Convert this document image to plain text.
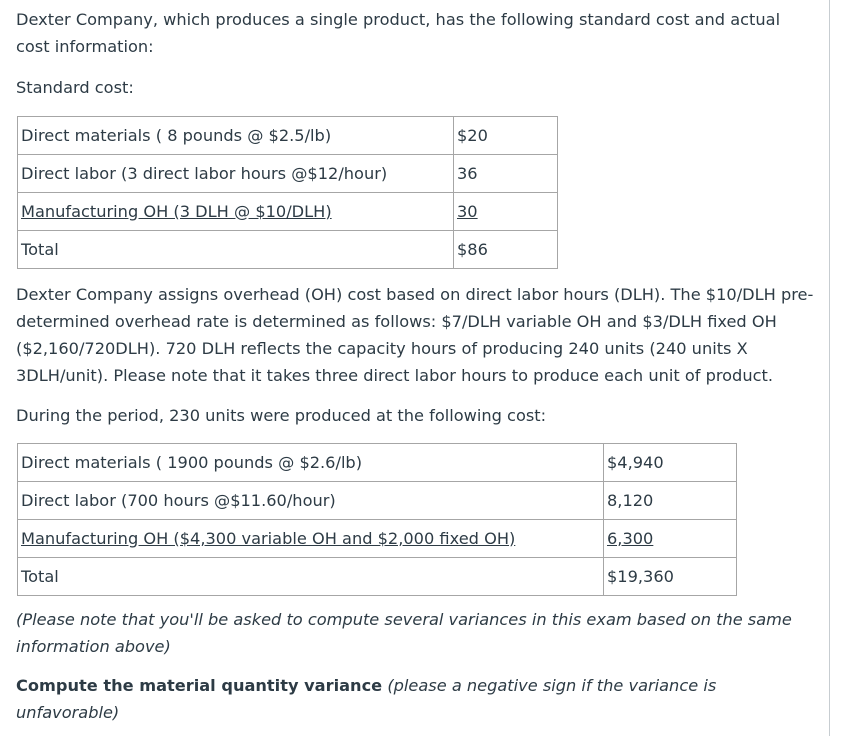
Dexter Company, which produces a single product, has the following standard cost and actual cost information:

Standard cost:

Direct materials ( 8 pounds @ $2.5/lb)	$20
Direct labor (3 direct labor hours @$12/hour)	36
Manufacturing OH (3 DLH @ $10/DLH)	30
Total	$86

Dexter Company assigns overhead (OH) cost based on direct labor hours (DLH). The $10/DLH pre-determined overhead rate is determined as follows: $7/DLH variable OH and $3/DLH fixed OH ($2,160/720DLH). 720 DLH reflects the capacity hours of producing 240 units (240 units X 3DLH/unit). Please note that it takes three direct labor hours to produce each unit of product.

During the period, 230 units were produced at the following cost:

Direct materials ( 1900 pounds @ $2.6/lb)	$4,940
Direct labor (700 hours @$11.60/hour)	8,120
Manufacturing OH ($4,300 variable OH and $2,000 fixed OH)	6,300
Total	$19,360

(Please note that you'll be asked to compute several variances in this exam based on the same information above)

Compute the material quantity variance (please a negative sign if the variance is unfavorable)
